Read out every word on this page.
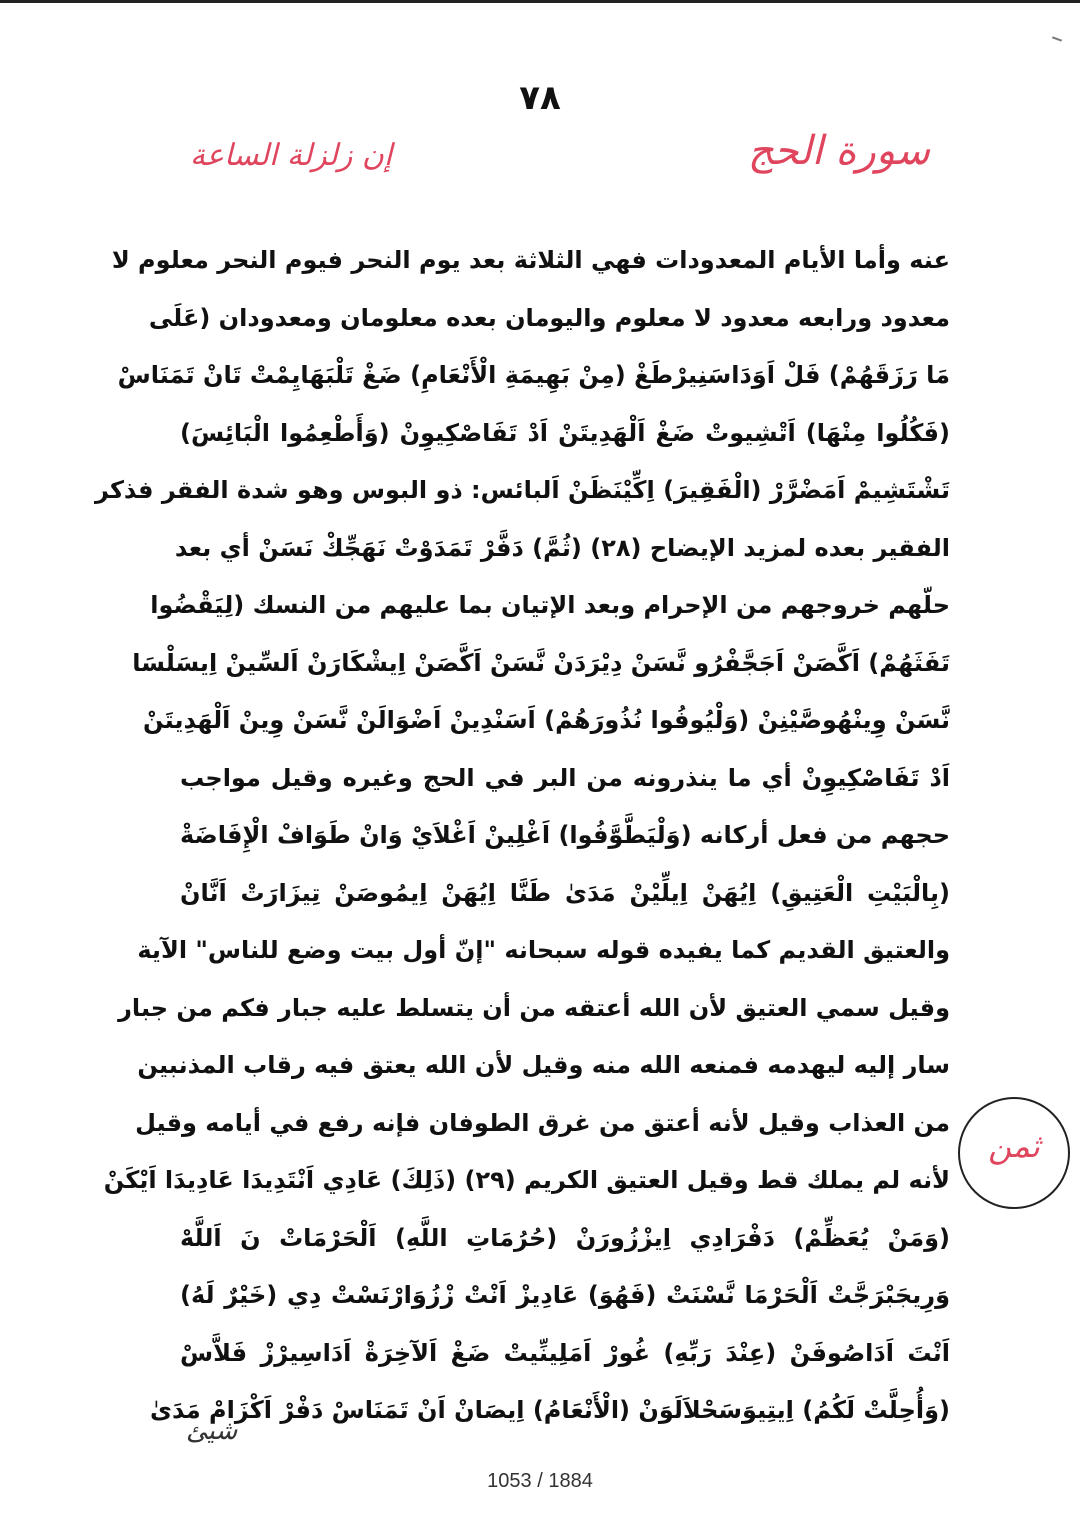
٧٨
سورة الحج
إن زلزلة الساعة
عنه وأما الأيام المعدودات فهي الثلاثة بعد يوم النحر فيوم النحر معلوم لا
معدود ورابعه معدود لا معلوم واليومان بعده معلومان ومعدودان (عَلَى
مَا رَزَقَهُمْ) فَلْ اَوَدَاسَنِيرْطَغْ (مِنْ بَهِيمَةِ الْأَنْعَامِ) ضَغْ تَلْبَهَايِمْتْ تَانْ تَمَنَاسْ
(فَكُلُوا مِنْهَا) اَتْشِيوتْ ضَغْ اَلْهَدِيتَنْ اَدْ تَفَاصْكِيوِنْ (وَأَطْعِمُوا الْبَائِسَ)
تَشْتَشِيمْ اَمَضْرَّرْ (الْفَقِيرَ) اِكِّيْنَظَنْ اَلبائس: ذو البوس وهو شدة الفقر فذكر
الفقير بعده لمزيد الإيضاح (٢٨) (ثُمَّ) دَفَّرْ تَمَدَوْتْ نَهَجِّكْ نَسَنْ أي بعد
حلّهم خروجهم من الإحرام وبعد الإتيان بما عليهم من النسك (لِيَقْضُوا
تَفَثَهُمْ) اَكَّصَنْ اَجَجَّفْرُو نَّسَنْ دِيْرَدَنْ نَّسَنْ اَكَّصَنْ اِيشْكَارَنْ اَلسِّينْ اِيسَلْسَا
نَّسَنْ وِينْهُوصَّيْنِنْ (وَلْيُوفُوا نُذُورَهُمْ) اَسَنْدِينْ اَضْوَالَنْ نَّسَنْ وِينْ اَلْهَدِيتَنْ
اَدْ تَفَاصْكِيوِنْ أي ما ينذرونه من البر في الحج وغيره وقيل مواجب
حجهم من فعل أركانه (وَلْيَطَّوَّفُوا) اَغْلِينْ اَغْلاَيْ وَانْ طَوَافْ الْإِفَاضَةْ
(بِالْبَيْتِ الْعَتِيقِ) اِيُهَنْ اِيلِّيْنْ مَدَىٰ طَنَّا اِيُهَنْ اِيمُوصَنْ تِيزَارَتْ اَنَّانْ
والعتيق القديم كما يفيده قوله سبحانه "إنّ أول بيت وضع للناس" الآية
وقيل سمي العتيق لأن الله أعتقه من أن يتسلط عليه جبار فكم من جبار
سار إليه ليهدمه فمنعه الله منه وقيل لأن الله يعتق فيه رقاب المذنبين
من العذاب وقيل لأنه أعتق من غرق الطوفان فإنه رفع في أيامه وقيل
لأنه لم يملك قط وقيل العتيق الكريم (٢٩) (ذَلِكَ) عَادِي اَنْتَدِيدَا عَادِيدَا اَيْكَنْ
(وَمَنْ يُعَظِّمْ) دَفْرَادِي اِيزْزُورَنْ (حُرُمَاتِ اللَّهِ) اَلْحَرْمَاتْ نَ اَللَّهْ
وَرِيجَبْرَجَّتْ اَلْحَرْمَا نَّسْنَتْ (فَهُوَ) عَادِيزْ اَنْتْ زْزُوَارْنَسْتْ دِي (خَيْرٌ لَهُ)
اَنْتَ اَدَاصُوفَنْ (عِنْدَ رَبِّهِ) غُورْ اَمَلِينِّيتْ ضَغْ اَلآخِرَةْ اَدَاسِيرْزْ فَلاَّسْ
(وَأُحِلَّتْ لَكُمُ) اِيتِيوَسَحْلاَلَوَنْ (الْأَنْعَامُ) اِيصَانْ اَنْ تَمَنَاسْ دَفْرْ اَكْزَامْ مَدَىٰ
ثمن
شيئ
1053 / 1884
